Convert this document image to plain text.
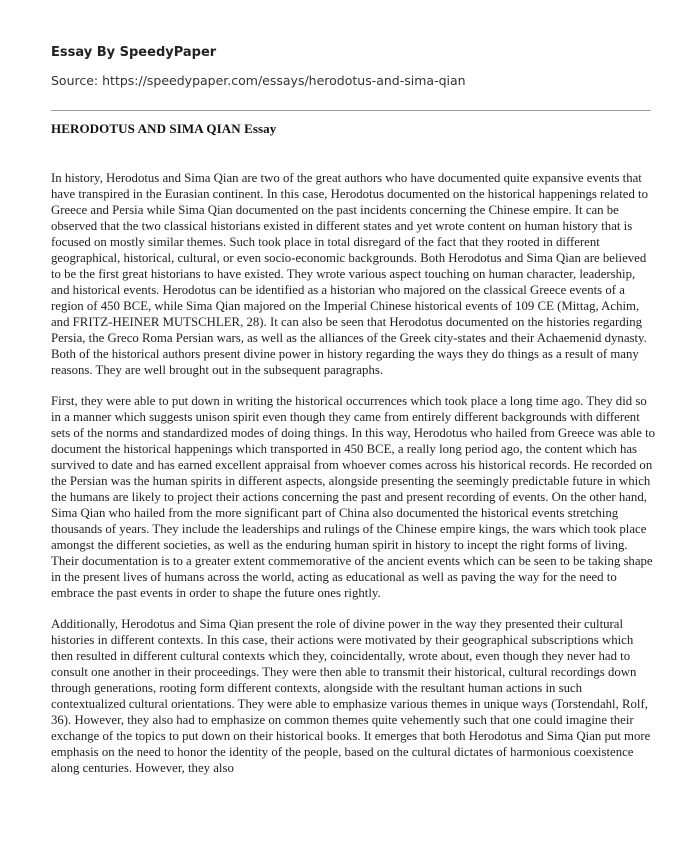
Essay By SpeedyPaper
Source: https://speedypaper.com/essays/herodotus-and-sima-qian
HERODOTUS AND SIMA QIAN Essay

In history, Herodotus and Sima Qian are two of the great authors who have documented quite expansive events that have transpired in the Eurasian continent. In this case, Herodotus documented on the historical happenings related to Greece and Persia while Sima Qian documented on the past incidents concerning the Chinese empire. It can be observed that the two classical historians existed in different states and yet wrote content on human history that is focused on mostly similar themes. Such took place in total disregard of the fact that they rooted in different geographical, historical, cultural, or even socio-economic backgrounds. Both Herodotus and Sima Qian are believed to be the first great historians to have existed. They wrote various aspect touching on human character, leadership, and historical events. Herodotus can be identified as a historian who majored on the classical Greece events of a region of 450 BCE, while Sima Qian majored on the Imperial Chinese historical events of 109 CE (Mittag, Achim, and FRITZ-HEINER MUTSCHLER, 28). It can also be seen that Herodotus documented on the histories regarding Persia, the Greco Roma Persian wars, as well as the alliances of the Greek city-states and their Achaemenid dynasty. Both of the historical authors present divine power in history regarding the ways they do things as a result of many reasons. They are well brought out in the subsequent paragraphs.

First, they were able to put down in writing the historical occurrences which took place a long time ago. They did so in a manner which suggests unison spirit even though they came from entirely different backgrounds with different sets of the norms and standardized modes of doing things. In this way, Herodotus who hailed from Greece was able to document the historical happenings which transported in 450 BCE, a really long period ago, the content which has survived to date and has earned excellent appraisal from whoever comes across his historical records. He recorded on the Persian was the human spirits in different aspects, alongside presenting the seemingly predictable future in which the humans are likely to project their actions concerning the past and present recording of events. On the other hand, Sima Qian who hailed from the more significant part of China also documented the historical events stretching thousands of years. They include the leaderships and rulings of the Chinese empire kings, the wars which took place amongst the different societies, as well as the enduring human spirit in history to incept the right forms of living. Their documentation is to a greater extent commemorative of the ancient events which can be seen to be taking shape in the present lives of humans across the world, acting as educational as well as paving the way for the need to embrace the past events in order to shape the future ones rightly.

Additionally, Herodotus and Sima Qian present the role of divine power in the way they presented their cultural histories in different contexts. In this case, their actions were motivated by their geographical subscriptions which then resulted in different cultural contexts which they, coincidentally, wrote about, even though they never had to consult one another in their proceedings. They were then able to transmit their historical, cultural recordings down through generations, rooting form different contexts, alongside with the resultant human actions in such contextualized cultural orientations. They were able to emphasize various themes in unique ways (Torstendahl, Rolf, 36). However, they also had to emphasize on common themes quite vehemently such that one could imagine their exchange of the topics to put down on their historical books. It emerges that both Herodotus and Sima Qian put more emphasis on the need to honor the identity of the people, based on the cultural dictates of harmonious coexistence along centuries. However, they also
